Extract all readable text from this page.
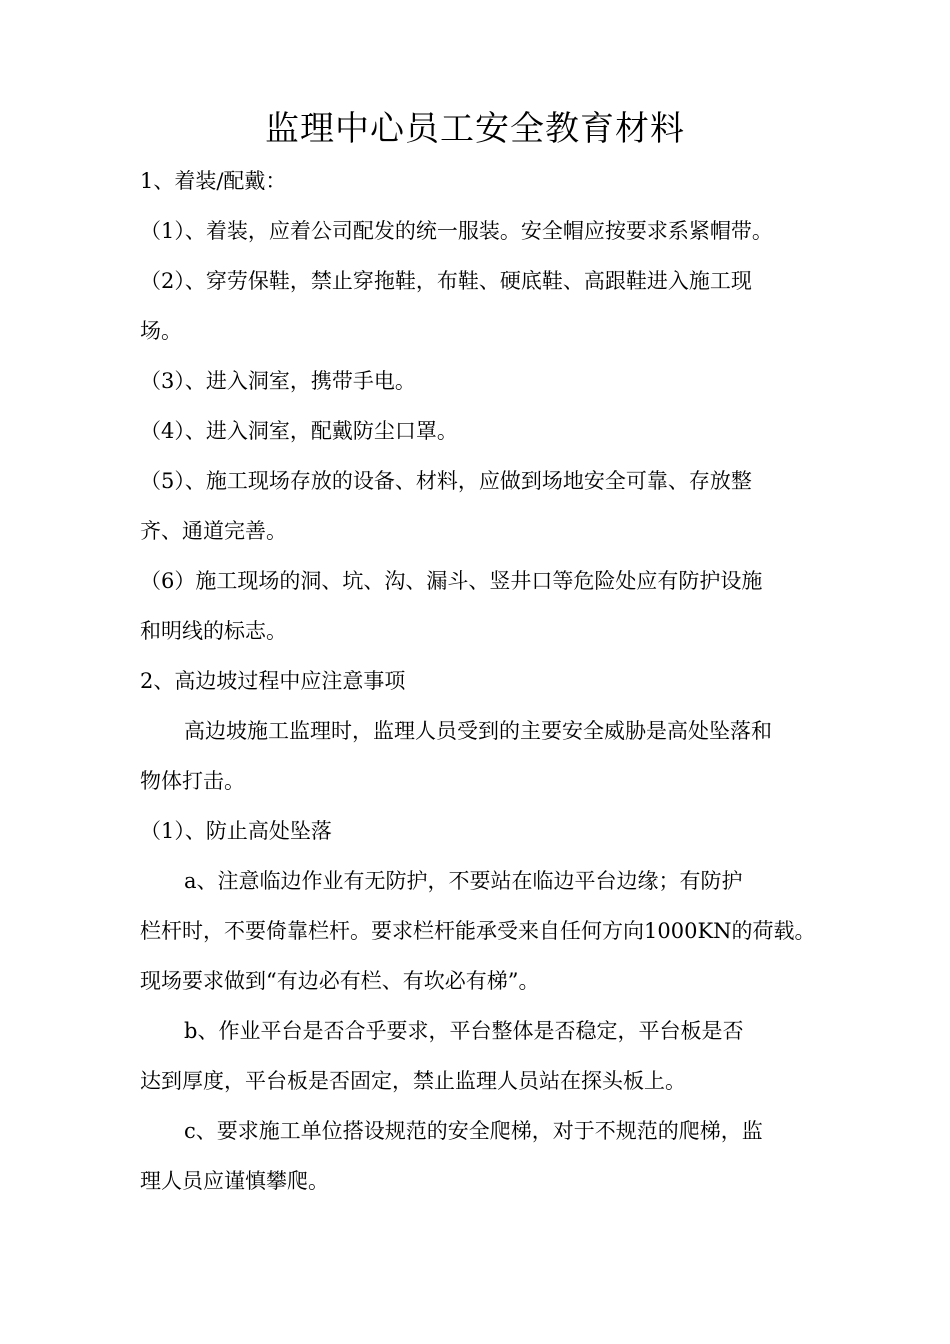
监理中心员工安全教育材料
1、着装/配戴：
（1）、着装，应着公司配发的统一服装。安全帽应按要求系紧帽带。
（2）、穿劳保鞋，禁止穿拖鞋，布鞋、硬底鞋、高跟鞋进入施工现
场。
（3）、进入洞室，携带手电。
（4）、进入洞室，配戴防尘口罩。
（5）、施工现场存放的设备、材料，应做到场地安全可靠、存放整
齐、通道完善。
（6）施工现场的洞、坑、沟、漏斗、竖井口等危险处应有防护设施
和明线的标志。
2、高边坡过程中应注意事项
高边坡施工监理时，监理人员受到的主要安全威胁是高处坠落和
物体打击。
（1）、防止高处坠落
a、注意临边作业有无防护，不要站在临边平台边缘；有防护
栏杆时，不要倚靠栏杆。要求栏杆能承受来自任何方向1000KN的荷载。
现场要求做到“有边必有栏、有坎必有梯”。
b、作业平台是否合乎要求，平台整体是否稳定，平台板是否
达到厚度，平台板是否固定，禁止监理人员站在探头板上。
c、要求施工单位搭设规范的安全爬梯，对于不规范的爬梯，监
理人员应谨慎攀爬。
